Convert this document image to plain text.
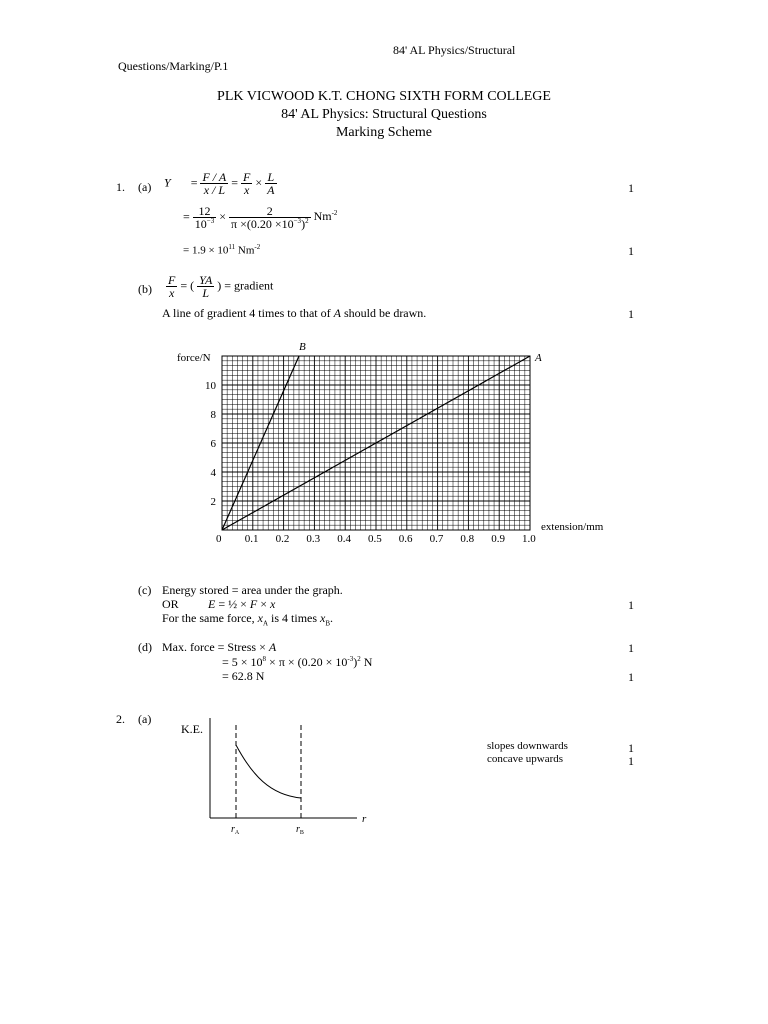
84' AL Physics/Structural
Questions/Marking/P.1
PLK VICWOOD K.T. CHONG SIXTH FORM COLLEGE
84' AL Physics: Structural Questions
Marking Scheme
1. (a) $Y = \frac{F / A}{x / L} = \frac{F}{x} \times \frac{L}{A}$	1
= $\frac{12}{10^{-3}} \times \frac{2}{\pi \times(0.20 \times 10^{-3})^2} Nm^{-2}$
= $1.9 \times 10^{11}$ $Nm^{-2}$	1
$(b) \frac{F}{x}$ = ( $\frac{YA}{L}$ ) = gradient
A line of gradient 4 times to that of A should be drawn.	1
0 0.1 0.2 0.3 0.4 0.5 0.6 0.7 0.8 0.9 1.0
2
4
6
8
10
force/N
extension/mm
B
A
(c) Energy stored = area under the graph.
OR E = ½ × F × x	1
For the same force, $x_A$ is 4 times $x_B$.
(d) Max. force = Stress × A	1
= $5 \times 10^8 \times \pi \times (0.20 \times 10^{-3})^2$ N
= 62.8 N	1
2. (a)
slopes downwards	1
concave upwards	1
K.E.
r
$r_A$	$r_B$
